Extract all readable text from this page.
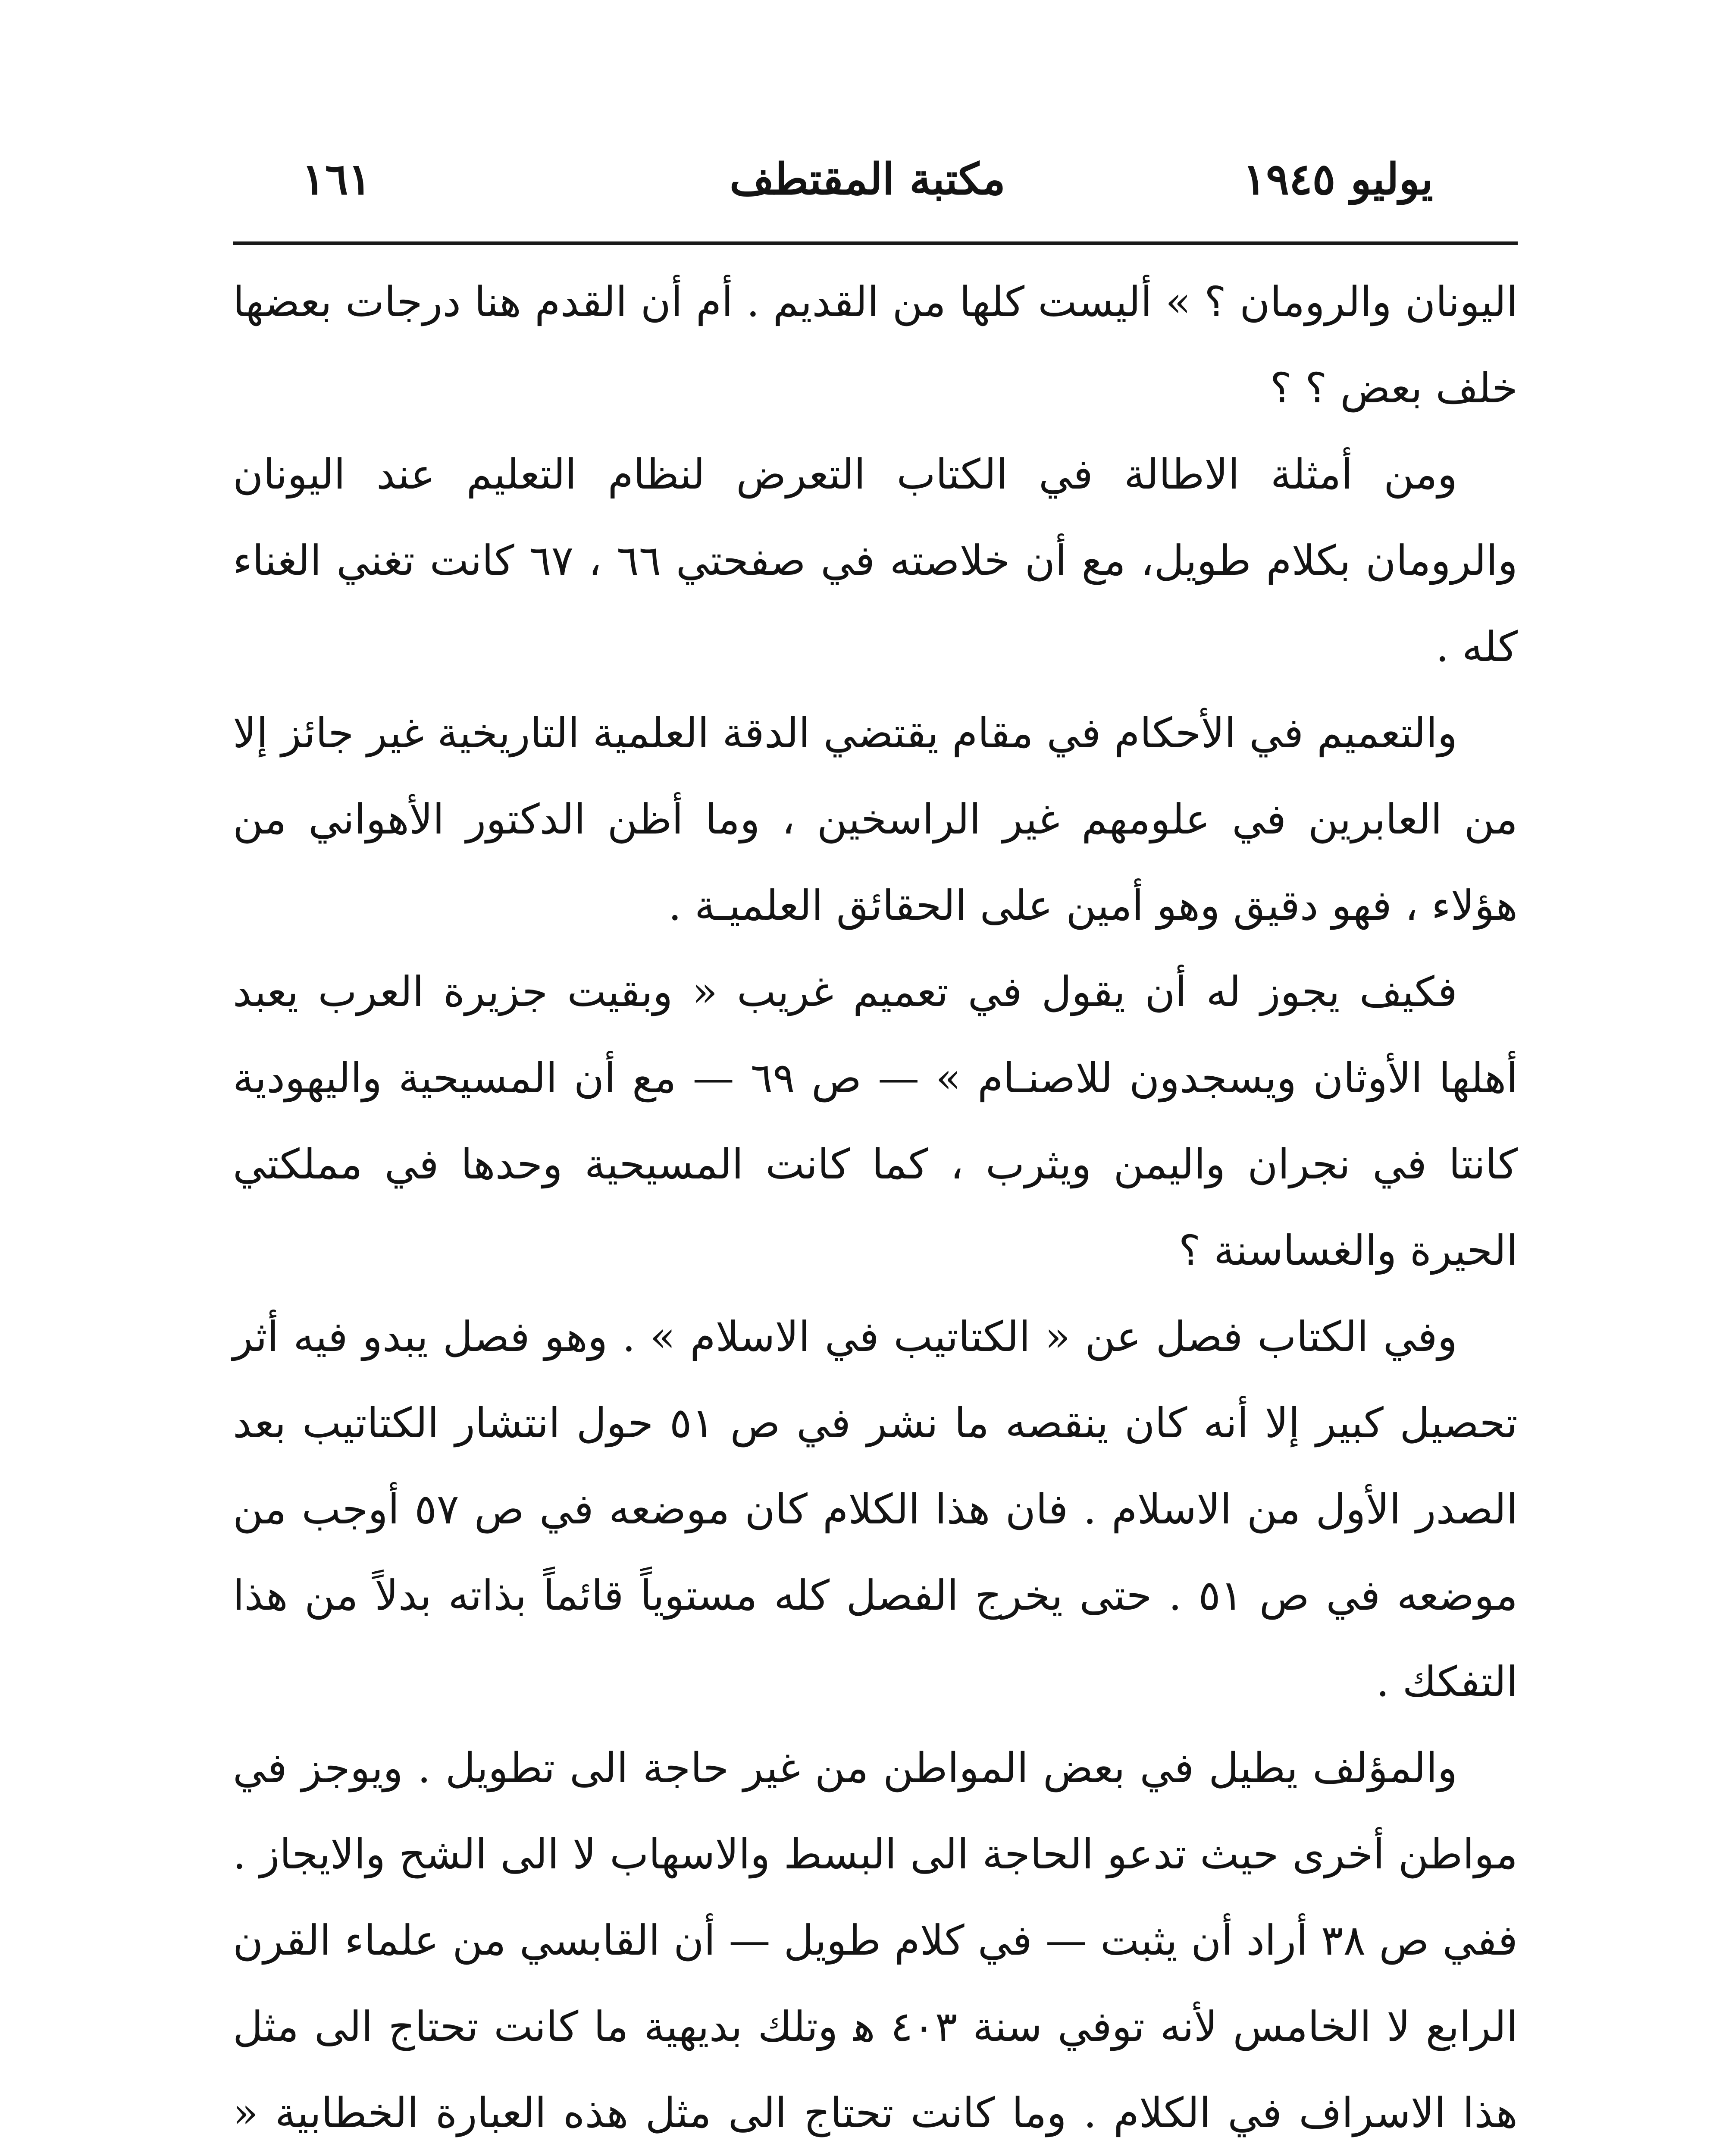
يوليو ١٩٤٥
مكتبة المقتطف
١٦١

اليونان والرومان ؟ » أليست كلها من القديم . أم أن القدم هنا درجات بعضها خلف بعض ؟ ؟

ومن أمثلة الاطالة في الكتاب التعرض لنظام التعليم عند اليونان والرومان بكلام طويل، مع أن خلاصته في صفحتي ٦٦ ، ٦٧ كانت تغني الغناء كله .

والتعميم في الأحكام في مقام يقتضي الدقة العلمية التاريخية غير جائز إلا من العابرين في علومهم غير الراسخين ، وما أظن الدكتور الأهواني من هؤلاء ، فهو دقيق وهو أمين على الحقائق العلميـة .

فكيف يجوز له أن يقول في تعميم غريب « وبقيت جزيرة العرب يعبد أهلها الأوثان ويسجدون للاصنـام » — ص ٦٩ — مع أن المسيحية واليهودية كانتا في نجران واليمن ويثرب ، كما كانت المسيحية وحدها في مملكتي الحيرة والغساسنة ؟

وفي الكتاب فصل عن « الكتاتيب في الاسلام » . وهو فصل يبدو فيه أثر تحصيل كبير إلا أنه كان ينقصه ما نشر في ص ٥١ حول انتشار الكتاتيب بعد الصدر الأول من الاسلام . فان هذا الكلام كان موضعه في ص ٥٧ أوجب من موضعه في ص ٥١ . حتى يخرج الفصل كله مستوياً قائماً بذاته بدلاً من هذا التفكك .

والمؤلف يطيل في بعض المواطن من غير حاجة الى تطويل . ويوجز في مواطن أخرى حيث تدعو الحاجة الى البسط والاسهاب لا الى الشح والايجاز . ففي ص ٣٨ أراد أن يثبت — في كلام طويل — أن القابسي من علماء القرن الرابع لا الخامس لأنه توفي سنة ٤٠٣ ﻫ وتلك بديهية ما كانت تحتاج الى مثل هذا الاسراف في الكلام . وما كانت تحتاج الى مثل هذه العبارة الخطابية «
